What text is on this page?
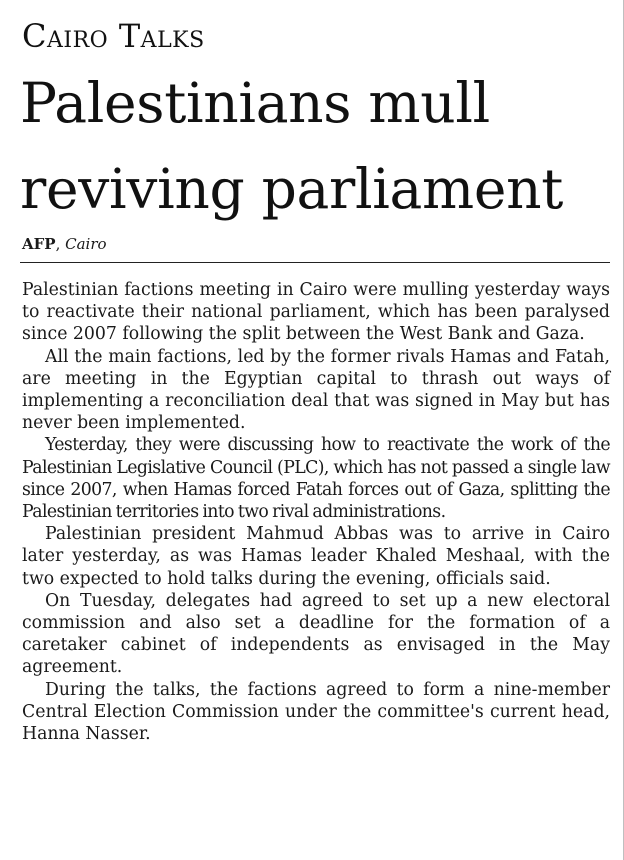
Cairo Talks
Palestinians mull reviving parliament
AFP, Cairo

Palestinian factions meeting in Cairo were mulling yesterday ways to reactivate their national parliament, which has been paralysed since 2007 following the split between the West Bank and Gaza.

All the main factions, led by the former rivals Hamas and Fatah, are meeting in the Egyptian capital to thrash out ways of implementing a reconciliation deal that was signed in May but has never been implemented.

Yesterday, they were discussing how to reactivate the work of the Palestinian Legislative Council (PLC), which has not passed a single law since 2007, when Hamas forced Fatah forces out of Gaza, splitting the Palestinian territories into two rival administrations.

Palestinian president Mahmud Abbas was to arrive in Cairo later yesterday, as was Hamas leader Khaled Meshaal, with the two expected to hold talks during the evening, officials said.

On Tuesday, delegates had agreed to set up a new electoral commission and also set a deadline for the formation of a caretaker cabinet of independents as envisaged in the May agreement.

During the talks, the factions agreed to form a nine-member Central Election Commission under the committee's current head, Hanna Nasser.
